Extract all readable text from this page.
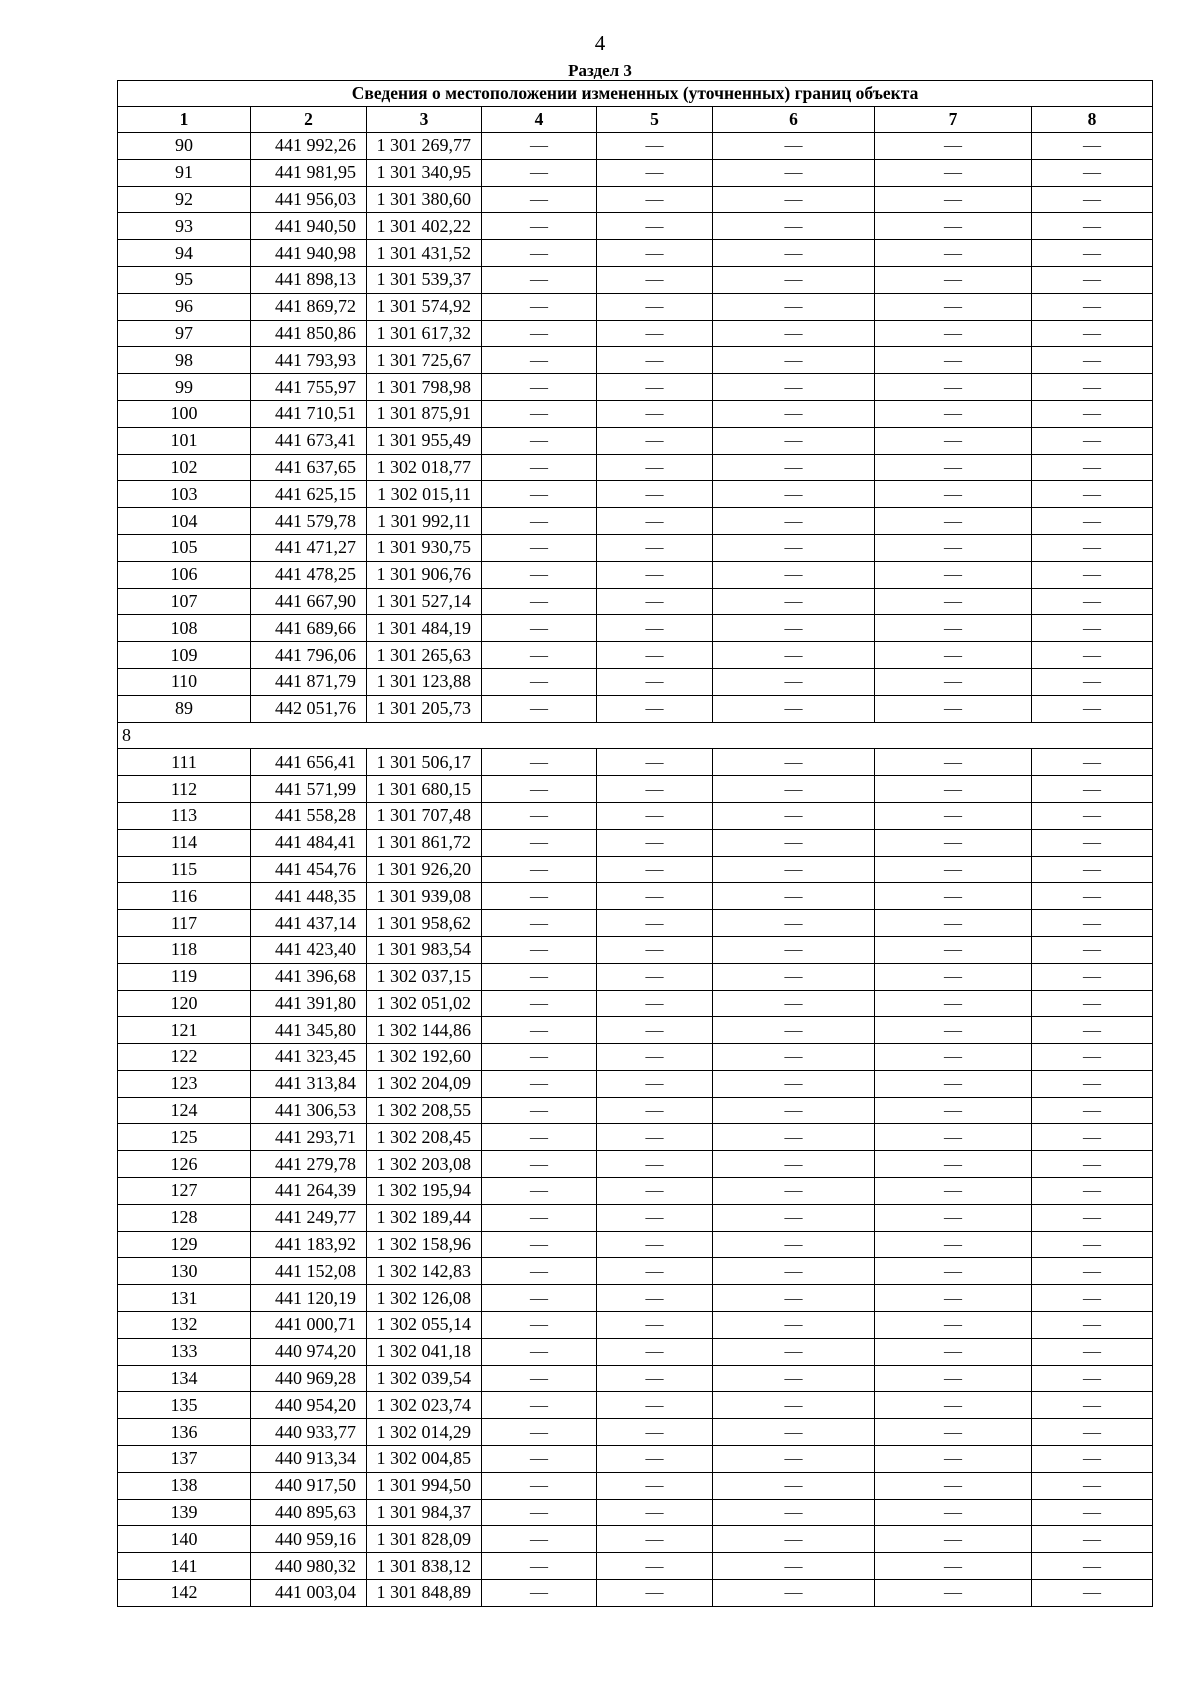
4
Раздел 3
Сведения о местоположении измененных (уточненных) границ объекта							
1	2	3	4	5	6	7	8
90	441 992,26	1 301 269,77	—	—	—	—	—
91	441 981,95	1 301 340,95	—	—	—	—	—
92	441 956,03	1 301 380,60	—	—	—	—	—
93	441 940,50	1 301 402,22	—	—	—	—	—
94	441 940,98	1 301 431,52	—	—	—	—	—
95	441 898,13	1 301 539,37	—	—	—	—	—
96	441 869,72	1 301 574,92	—	—	—	—	—
97	441 850,86	1 301 617,32	—	—	—	—	—
98	441 793,93	1 301 725,67	—	—	—	—	—
99	441 755,97	1 301 798,98	—	—	—	—	—
100	441 710,51	1 301 875,91	—	—	—	—	—
101	441 673,41	1 301 955,49	—	—	—	—	—
102	441 637,65	1 302 018,77	—	—	—	—	—
103	441 625,15	1 302 015,11	—	—	—	—	—
104	441 579,78	1 301 992,11	—	—	—	—	—
105	441 471,27	1 301 930,75	—	—	—	—	—
106	441 478,25	1 301 906,76	—	—	—	—	—
107	441 667,90	1 301 527,14	—	—	—	—	—
108	441 689,66	1 301 484,19	—	—	—	—	—
109	441 796,06	1 301 265,63	—	—	—	—	—
110	441 871,79	1 301 123,88	—	—	—	—	—
89	442 051,76	1 301 205,73	—	—	—	—	—
8							
111	441 656,41	1 301 506,17	—	—	—	—	—
112	441 571,99	1 301 680,15	—	—	—	—	—
113	441 558,28	1 301 707,48	—	—	—	—	—
114	441 484,41	1 301 861,72	—	—	—	—	—
115	441 454,76	1 301 926,20	—	—	—	—	—
116	441 448,35	1 301 939,08	—	—	—	—	—
117	441 437,14	1 301 958,62	—	—	—	—	—
118	441 423,40	1 301 983,54	—	—	—	—	—
119	441 396,68	1 302 037,15	—	—	—	—	—
120	441 391,80	1 302 051,02	—	—	—	—	—
121	441 345,80	1 302 144,86	—	—	—	—	—
122	441 323,45	1 302 192,60	—	—	—	—	—
123	441 313,84	1 302 204,09	—	—	—	—	—
124	441 306,53	1 302 208,55	—	—	—	—	—
125	441 293,71	1 302 208,45	—	—	—	—	—
126	441 279,78	1 302 203,08	—	—	—	—	—
127	441 264,39	1 302 195,94	—	—	—	—	—
128	441 249,77	1 302 189,44	—	—	—	—	—
129	441 183,92	1 302 158,96	—	—	—	—	—
130	441 152,08	1 302 142,83	—	—	—	—	—
131	441 120,19	1 302 126,08	—	—	—	—	—
132	441 000,71	1 302 055,14	—	—	—	—	—
133	440 974,20	1 302 041,18	—	—	—	—	—
134	440 969,28	1 302 039,54	—	—	—	—	—
135	440 954,20	1 302 023,74	—	—	—	—	—
136	440 933,77	1 302 014,29	—	—	—	—	—
137	440 913,34	1 302 004,85	—	—	—	—	—
138	440 917,50	1 301 994,50	—	—	—	—	—
139	440 895,63	1 301 984,37	—	—	—	—	—
140	440 959,16	1 301 828,09	—	—	—	—	—
141	440 980,32	1 301 838,12	—	—	—	—	—
142	441 003,04	1 301 848,89	—	—	—	—	—
